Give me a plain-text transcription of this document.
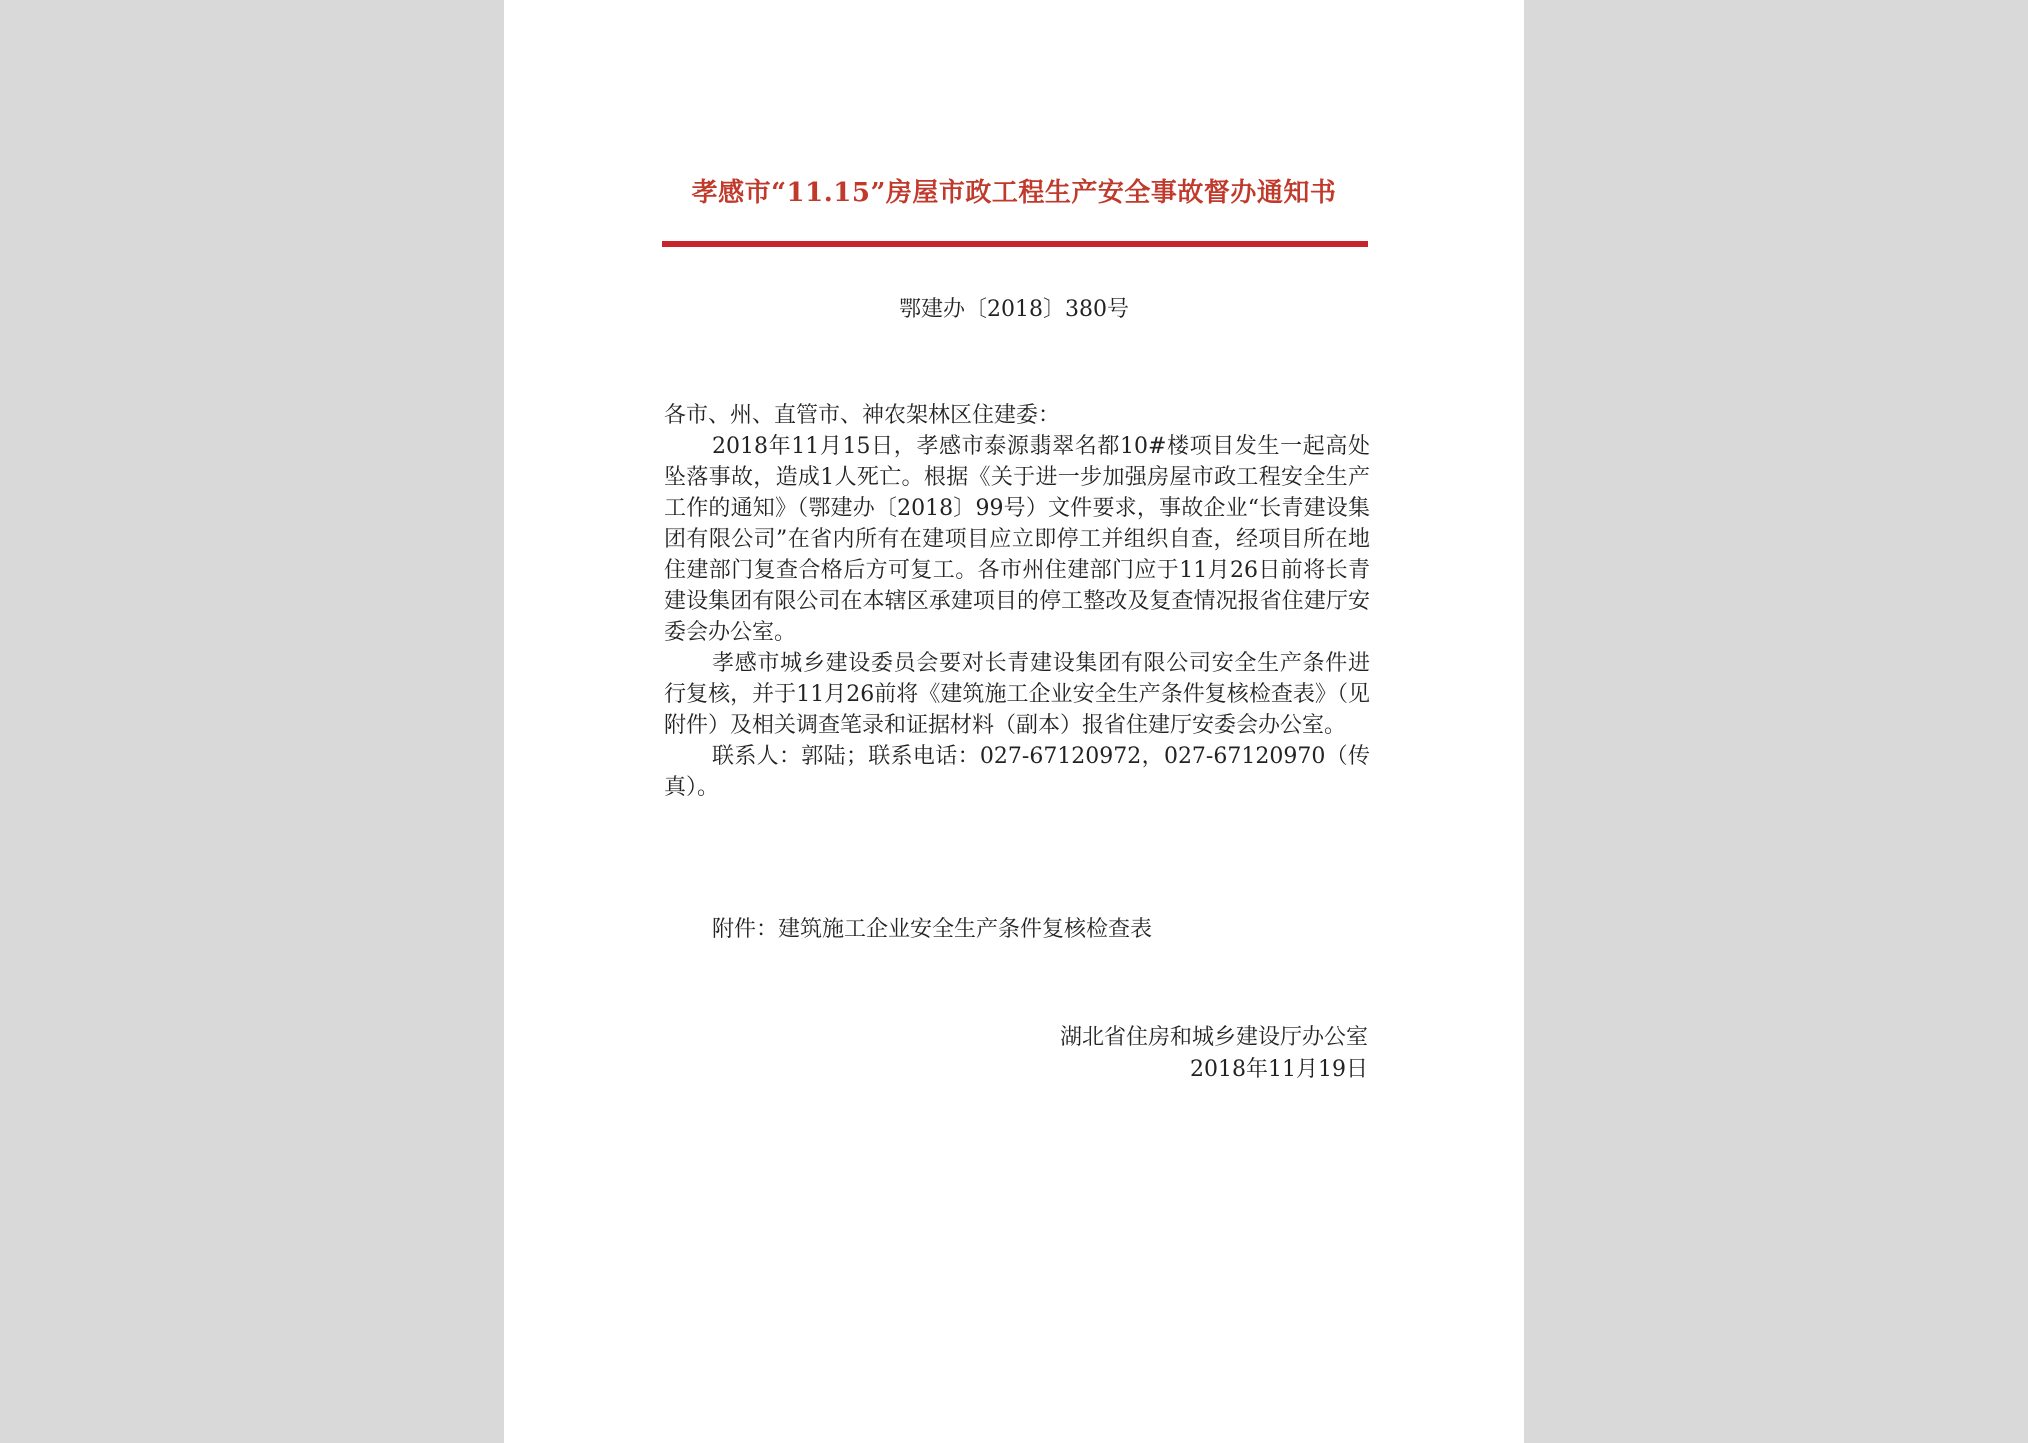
孝感市“11.15”房屋市政工程生产安全事故督办通知书
鄂建办〔2018〕380号

各市、州、直管市、神农架林区住建委：

2018年11月15日，孝感市泰源翡翠名都10#楼项目发生一起高处坠落事故，造成1人死亡。根据《关于进一步加强房屋市政工程安全生产工作的通知》（鄂建办〔2018〕99号）文件要求，事故企业“长青建设集团有限公司”在省内所有在建项目应立即停工并组织自查，经项目所在地住建部门复查合格后方可复工。各市州住建部门应于11月26日前将长青建设集团有限公司在本辖区承建项目的停工整改及复查情况报省住建厅安委会办公室。

孝感市城乡建设委员会要对长青建设集团有限公司安全生产条件进行复核，并于11月26前将《建筑施工企业安全生产条件复核检查表》（见附件）及相关调查笔录和证据材料（副本）报省住建厅安委会办公室。

联系人：郭陆；联系电话：027-67120972，027-67120970（传真）。

附件：建筑施工企业安全生产条件复核检查表
湖北省住房和城乡建设厅办公室
2018年11月19日
